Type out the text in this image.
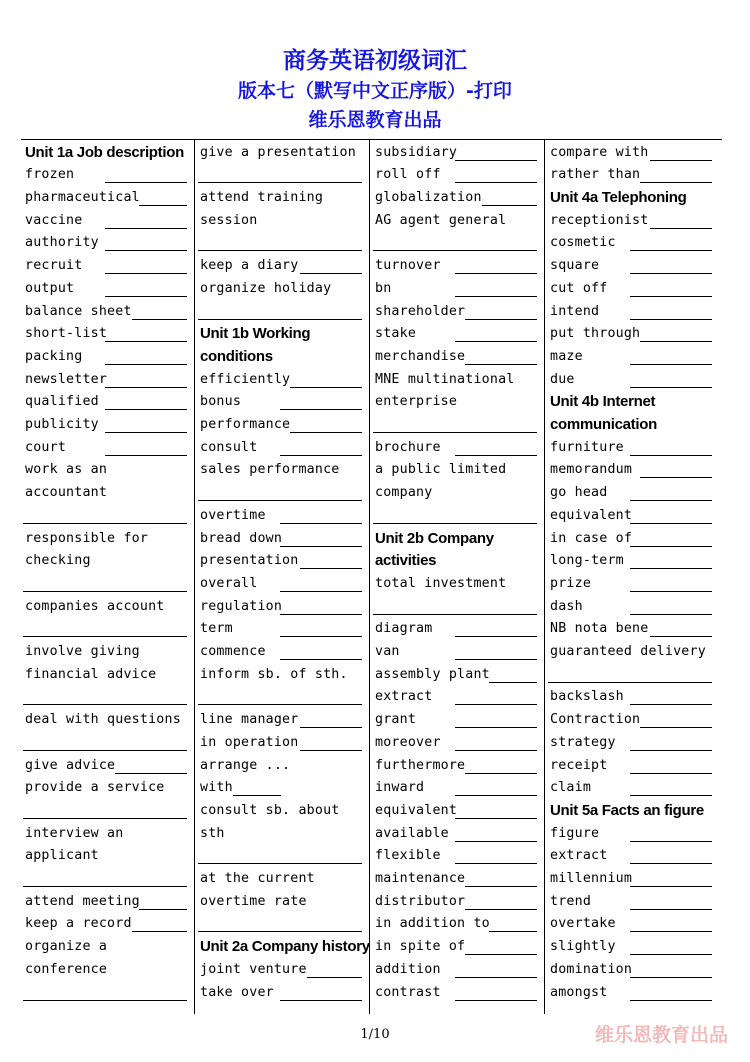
商务英语初级词汇
版本七（默写中文正序版）-打印
维乐恩教育出品
Unit 1a Job description
frozen
pharmaceutical
vaccine
authority
recruit
output
balance sheet
short-list
packing
newsletter
qualified
publicity
court
work as an
accountant
responsible for
checking
companies account
involve giving
financial advice
deal with questions
give advice
provide a service
interview an
applicant
attend meeting
keep a record
organize a
conference
give a presentation
attend training
session
keep a diary
organize holiday
Unit 1b Working
conditions
efficiently
bonus
performance
consult
sales performance
overtime
bread down
presentation
overall
regulation
term
commence
inform sb. of sth.
line manager
in operation
arrange ...
with
consult sb. about
sth
at the current
overtime rate
Unit 2a Company history
joint venture
take over
subsidiary
roll off
globalization
AG agent general
turnover
bn
shareholder
stake
merchandise
MNE multinational
enterprise
brochure
a public limited
company
Unit 2b Company
activities
total investment
diagram
van
assembly plant
extract
grant
moreover
furthermore
inward
equivalent
available
flexible
maintenance
distributor
in addition to
in spite of
addition
contrast
compare with
rather than
Unit 4a Telephoning
receptionist
cosmetic
square
cut off
intend
put through
maze
due
Unit 4b Internet
communication
furniture
memorandum
go head
equivalent
in case of
long-term
prize
dash
NB nota bene
guaranteed delivery
backslash
Contraction
strategy
receipt
claim
Unit 5a Facts an figure
figure
extract
millennium
trend
overtake
slightly
domination
amongst
1/10	维乐恩教育出品
